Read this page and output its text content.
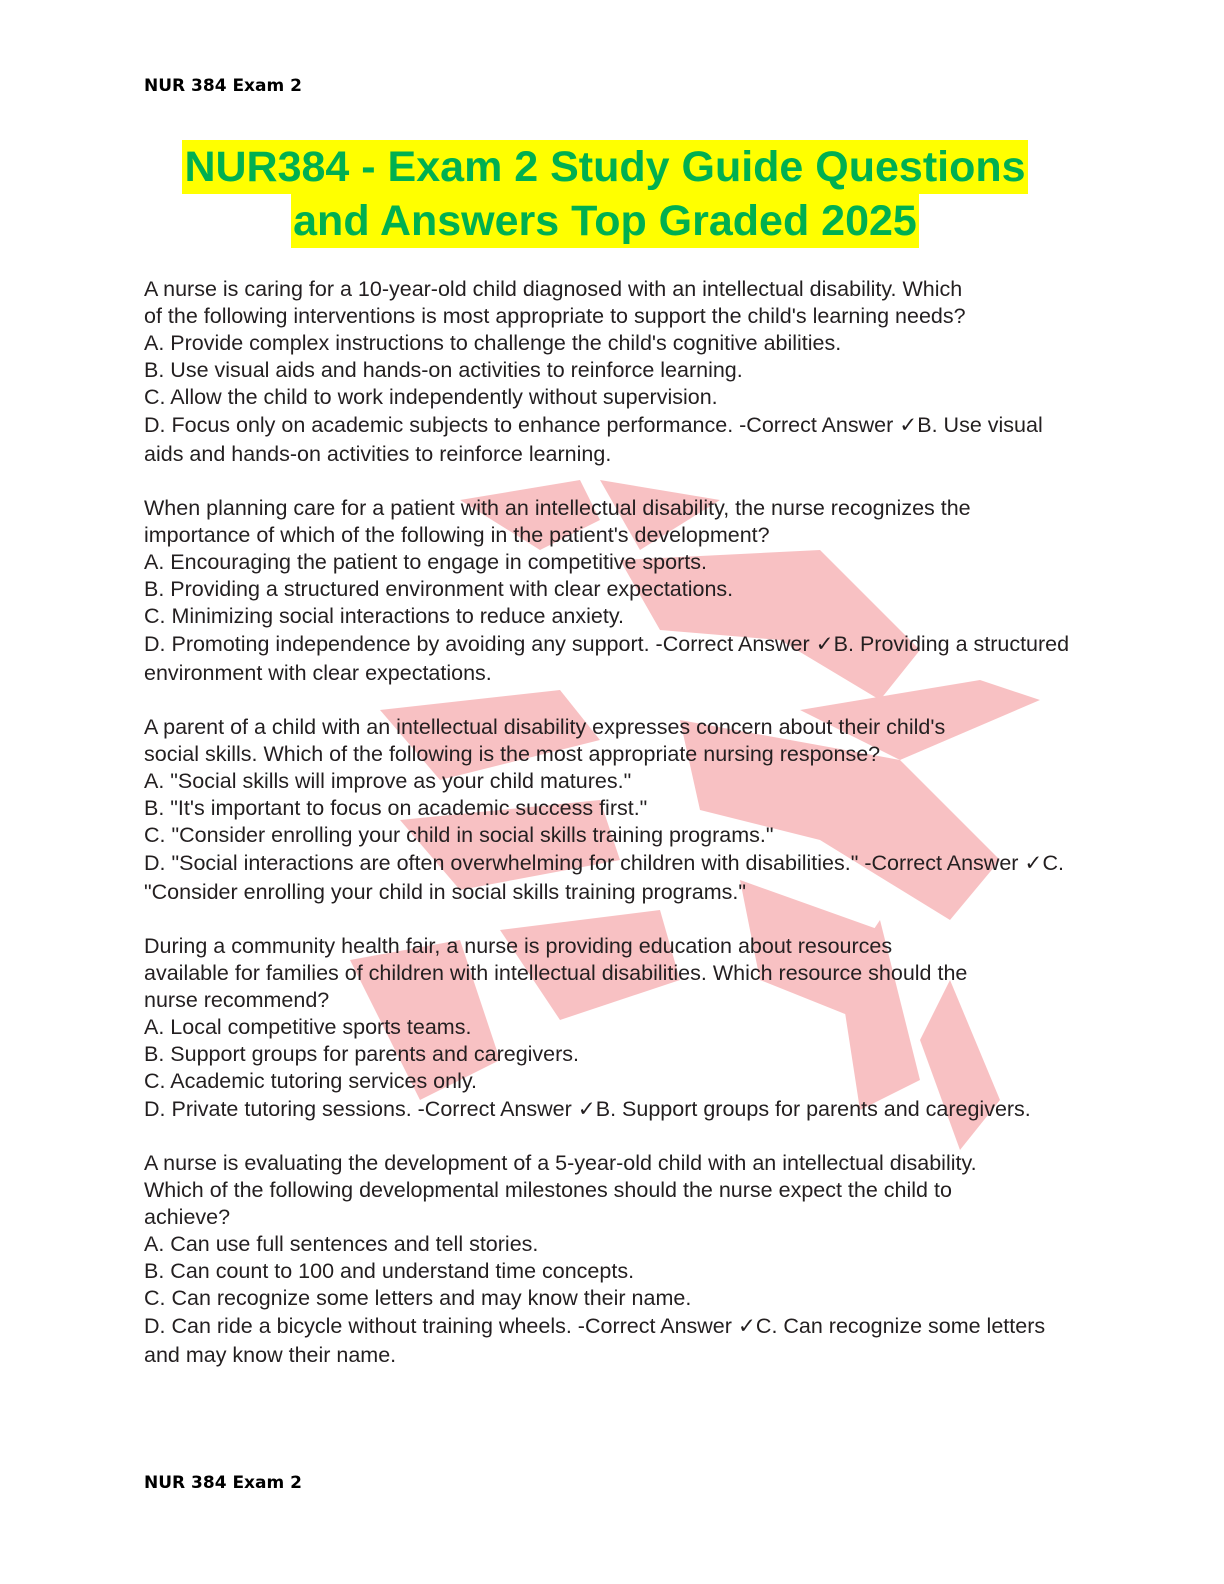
NUR 384 Exam 2
NUR384 - Exam 2 Study Guide Questions
and Answers Top Graded 2025
A nurse is caring for a 10-year-old child diagnosed with an intellectual disability. Which
of the following interventions is most appropriate to support the child's learning needs?
A. Provide complex instructions to challenge the child's cognitive abilities.
B. Use visual aids and hands-on activities to reinforce learning.
C. Allow the child to work independently without supervision.
D. Focus only on academic subjects to enhance performance. -Correct Answer ✓B. Use visual aids and hands-on activities to reinforce learning.
When planning care for a patient with an intellectual disability, the nurse recognizes the
importance of which of the following in the patient's development?
A. Encouraging the patient to engage in competitive sports.
B. Providing a structured environment with clear expectations.
C. Minimizing social interactions to reduce anxiety.
D. Promoting independence by avoiding any support. -Correct Answer ✓B. Providing a structured environment with clear expectations.
A parent of a child with an intellectual disability expresses concern about their child's
social skills. Which of the following is the most appropriate nursing response?
A. "Social skills will improve as your child matures."
B. "It's important to focus on academic success first."
C. "Consider enrolling your child in social skills training programs."
D. "Social interactions are often overwhelming for children with disabilities." -Correct Answer ✓C. "Consider enrolling your child in social skills training programs."
During a community health fair, a nurse is providing education about resources
available for families of children with intellectual disabilities. Which resource should the
nurse recommend?
A. Local competitive sports teams.
B. Support groups for parents and caregivers.
C. Academic tutoring services only.
D. Private tutoring sessions. -Correct Answer ✓B. Support groups for parents and caregivers.
A nurse is evaluating the development of a 5-year-old child with an intellectual disability.
Which of the following developmental milestones should the nurse expect the child to
achieve?
A. Can use full sentences and tell stories.
B. Can count to 100 and understand time concepts.
C. Can recognize some letters and may know their name.
D. Can ride a bicycle without training wheels. -Correct Answer ✓C. Can recognize some letters and may know their name.
NUR 384 Exam 2
